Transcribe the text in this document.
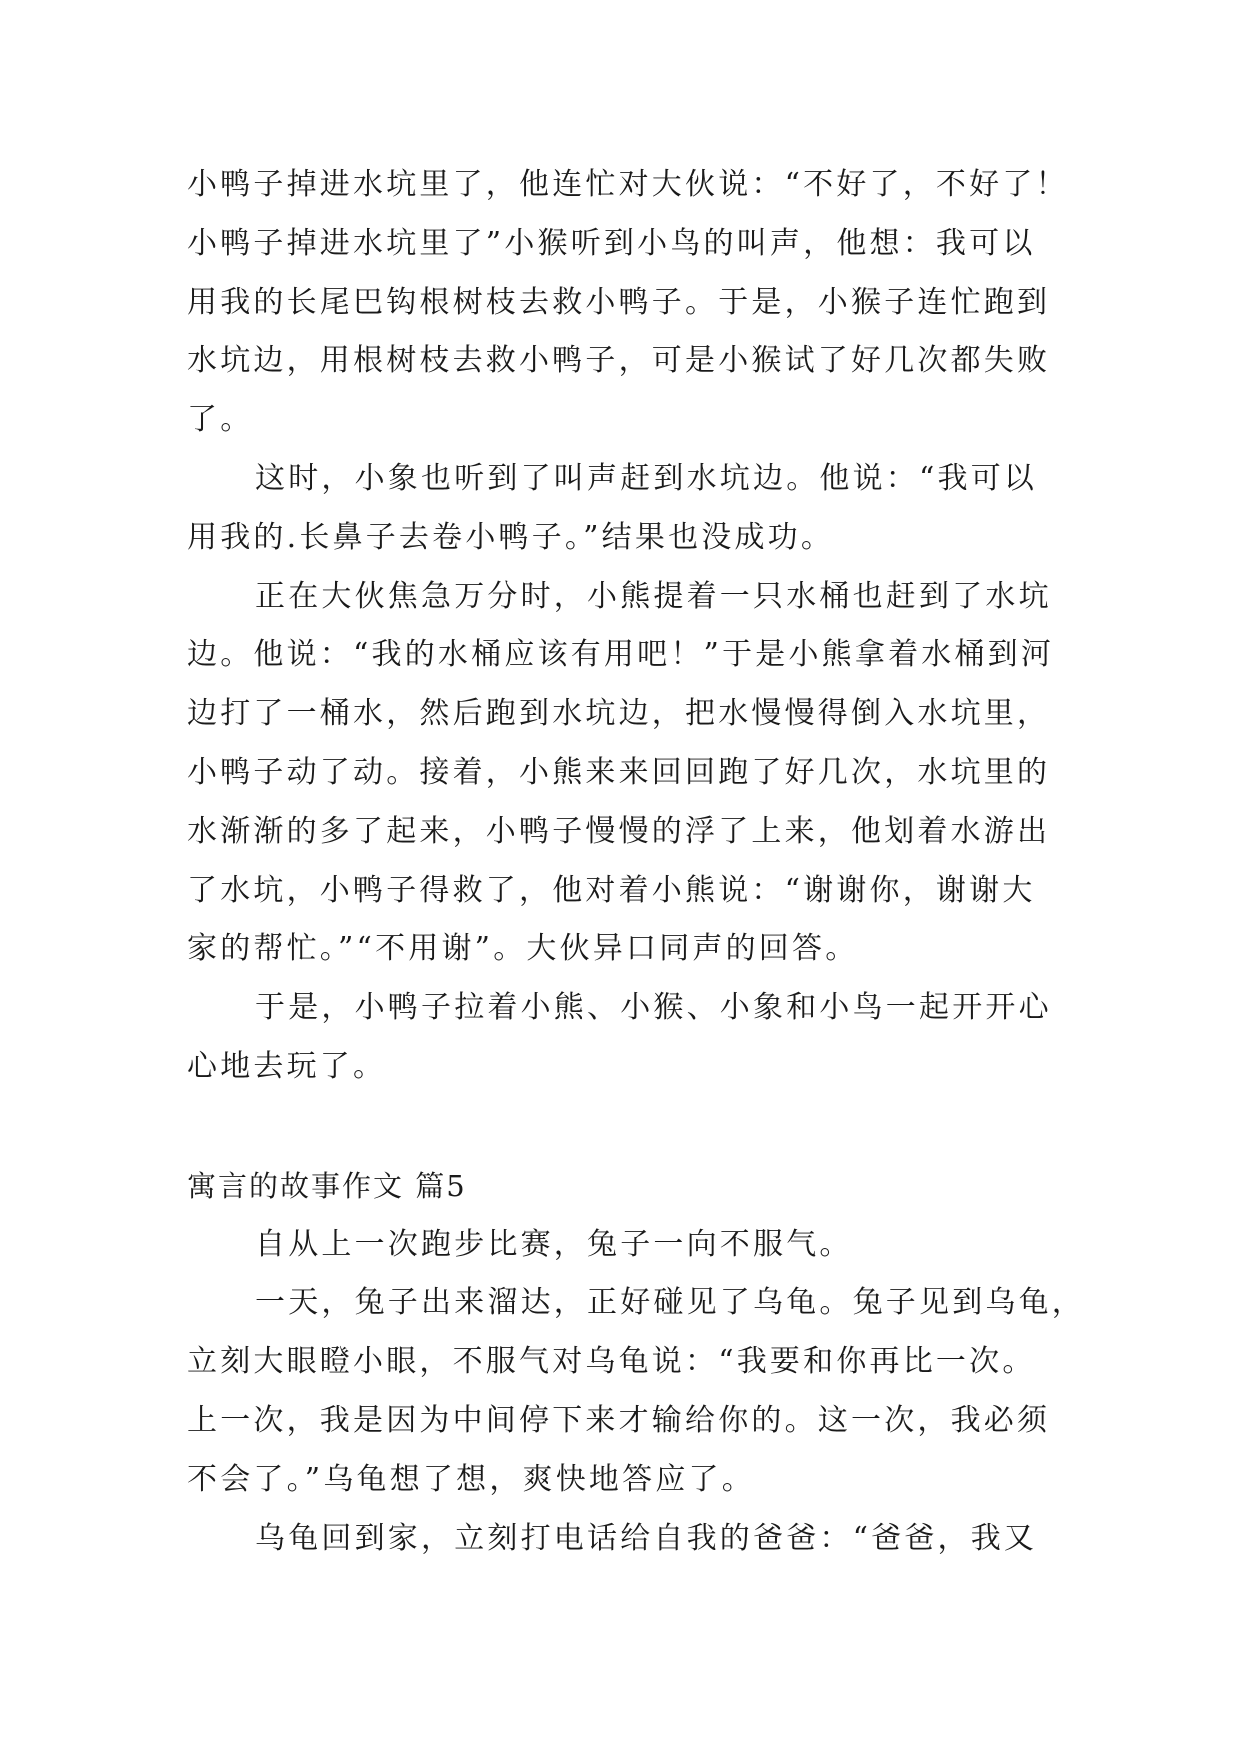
小鸭子掉进水坑里了，他连忙对大伙说：“不好了，不好了！
小鸭子掉进水坑里了”小猴听到小鸟的叫声，他想：我可以
用我的长尾巴钩根树枝去救小鸭子。于是，小猴子连忙跑到
水坑边，用根树枝去救小鸭子，可是小猴试了好几次都失败
了。
这时，小象也听到了叫声赶到水坑边。他说：“我可以
用我的.长鼻子去卷小鸭子。”结果也没成功。
正在大伙焦急万分时，小熊提着一只水桶也赶到了水坑
边。他说：“我的水桶应该有用吧！”于是小熊拿着水桶到河
边打了一桶水，然后跑到水坑边，把水慢慢得倒入水坑里，
小鸭子动了动。接着，小熊来来回回跑了好几次，水坑里的
水渐渐的多了起来，小鸭子慢慢的浮了上来，他划着水游出
了水坑，小鸭子得救了，他对着小熊说：“谢谢你，谢谢大
家的帮忙。”“不用谢”。大伙异口同声的回答。
于是，小鸭子拉着小熊、小猴、小象和小鸟一起开开心
心地去玩了。
寓言的故事作文 篇5
自从上一次跑步比赛，兔子一向不服气。
一天，兔子出来溜达，正好碰见了乌龟。兔子见到乌龟，
立刻大眼瞪小眼，不服气对乌龟说：“我要和你再比一次。
上一次，我是因为中间停下来才输给你的。这一次，我必须
不会了。”乌龟想了想，爽快地答应了。
乌龟回到家，立刻打电话给自我的爸爸：“爸爸，我又
